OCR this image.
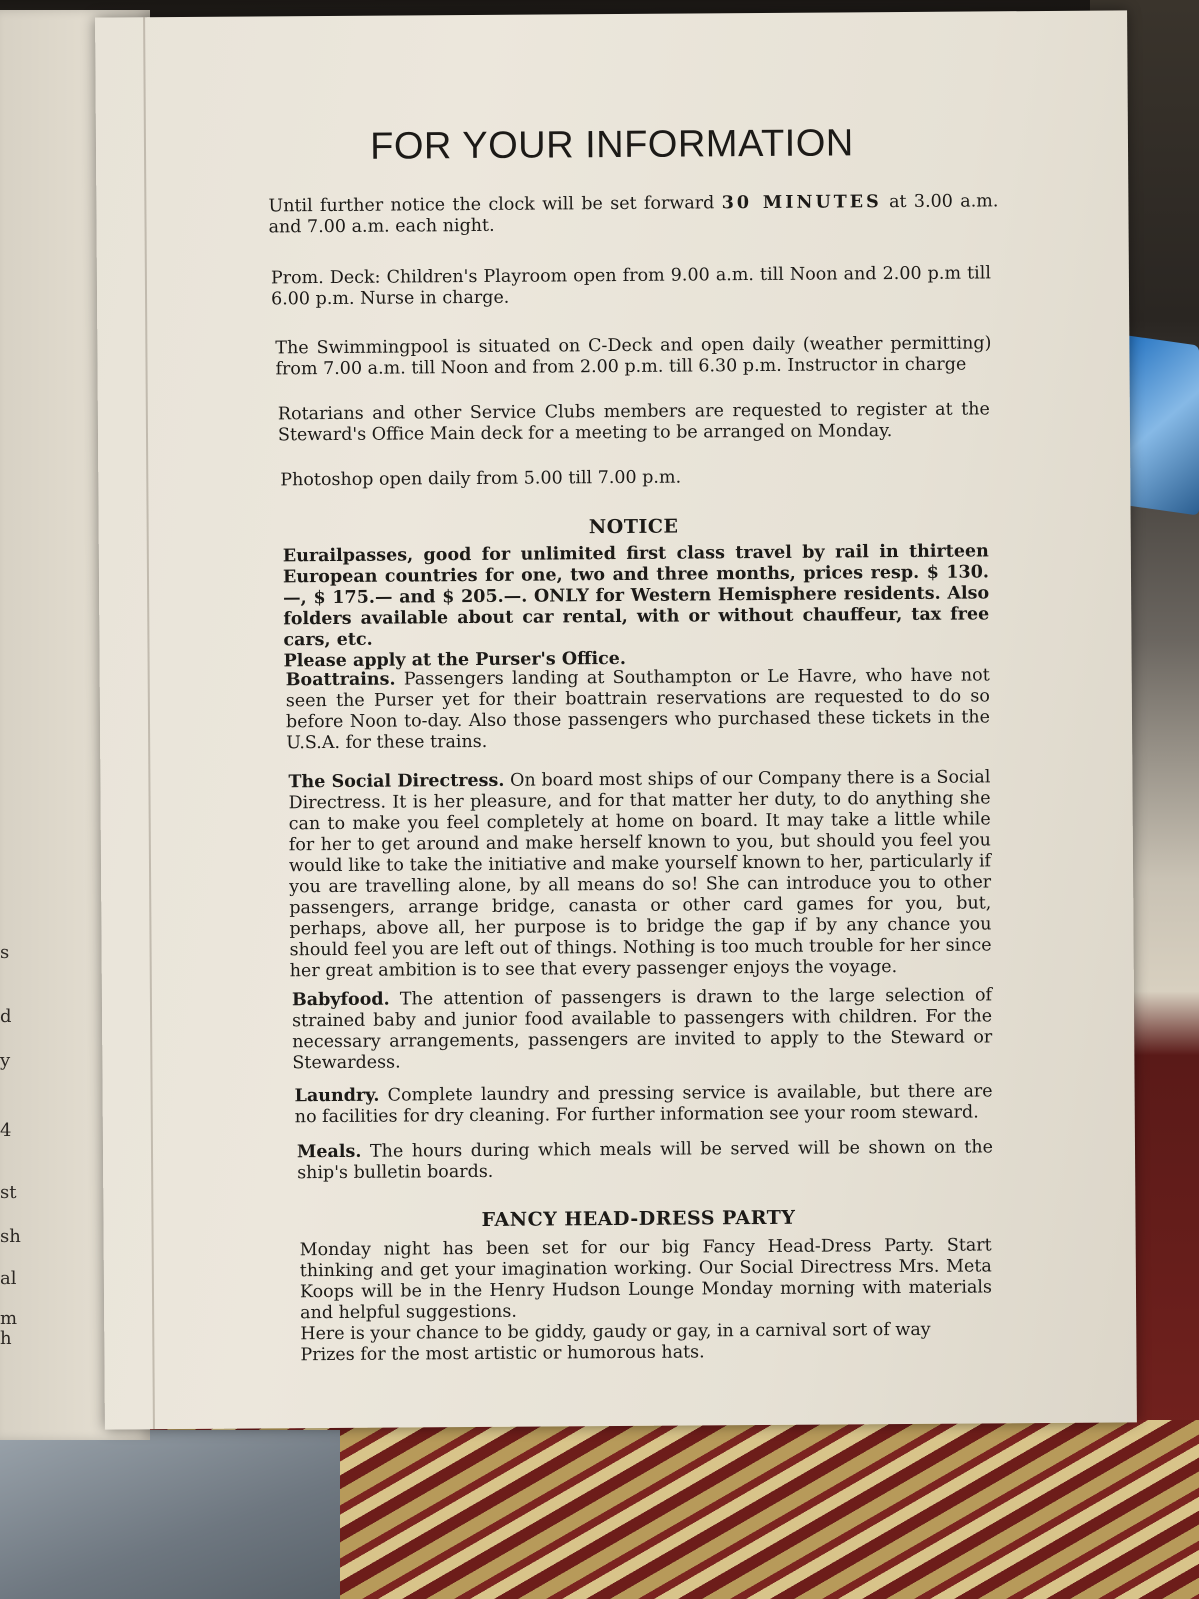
s
d
y
4
st
sh
al
m
h
FOR YOUR INFORMATION

Until further notice the clock will be set forward 30 MINUTES at 3.00 a.m. and 7.00 a.m. each night.

Prom. Deck: Children's Playroom open from 9.00 a.m. till Noon and 2.00 p.m till 6.00 p.m. Nurse in charge.

The Swimmingpool is situated on C-Deck and open daily (weather permitting) from 7.00 a.m. till Noon and from 2.00 p.m. till 6.30 p.m. Instructor in charge

Rotarians and other Service Clubs members are requested to register at the Steward's Office Main deck for a meeting to be arranged on Monday.

Photoshop open daily from 5.00 till 7.00 p.m.

NOTICE

Eurailpasses, good for unlimited first class travel by rail in thirteen European countries for one, two and three months, prices resp. $ 130.—, $ 175.— and $ 205.—. ONLY for Western Hemisphere residents. Also folders available about car rental, with or without chauffeur, tax free cars, etc.
Please apply at the Purser's Office.

Boattrains. Passengers landing at Southampton or Le Havre, who have not seen the Purser yet for their boattrain reservations are requested to do so before Noon to-day. Also those passengers who purchased these tickets in the U.S.A. for these trains.

The Social Directress. On board most ships of our Company there is a Social Directress. It is her pleasure, and for that matter her duty, to do anything she can to make you feel completely at home on board. It may take a little while for her to get around and make herself known to you, but should you feel you would like to take the initiative and make yourself known to her, particularly if you are travelling alone, by all means do so! She can introduce you to other passengers, arrange bridge, canasta or other card games for you, but, perhaps, above all, her purpose is to bridge the gap if by any chance you should feel you are left out of things. Nothing is too much trouble for her since her great ambition is to see that every passenger enjoys the voyage.

Babyfood. The attention of passengers is drawn to the large selection of strained baby and junior food available to passengers with children. For the necessary arrangements, passengers are invited to apply to the Steward or Stewardess.

Laundry. Complete laundry and pressing service is available, but there are no facilities for dry cleaning. For further information see your room steward.

Meals. The hours during which meals will be served will be shown on the ship's bulletin boards.

FANCY HEAD-DRESS PARTY

Monday night has been set for our big Fancy Head-Dress Party. Start thinking and get your imagination working. Our Social Directress Mrs. Meta Koops will be in the Henry Hudson Lounge Monday morning with materials and helpful suggestions.
Here is your chance to be giddy, gaudy or gay, in a carnival sort of way
Prizes for the most artistic or humorous hats.
